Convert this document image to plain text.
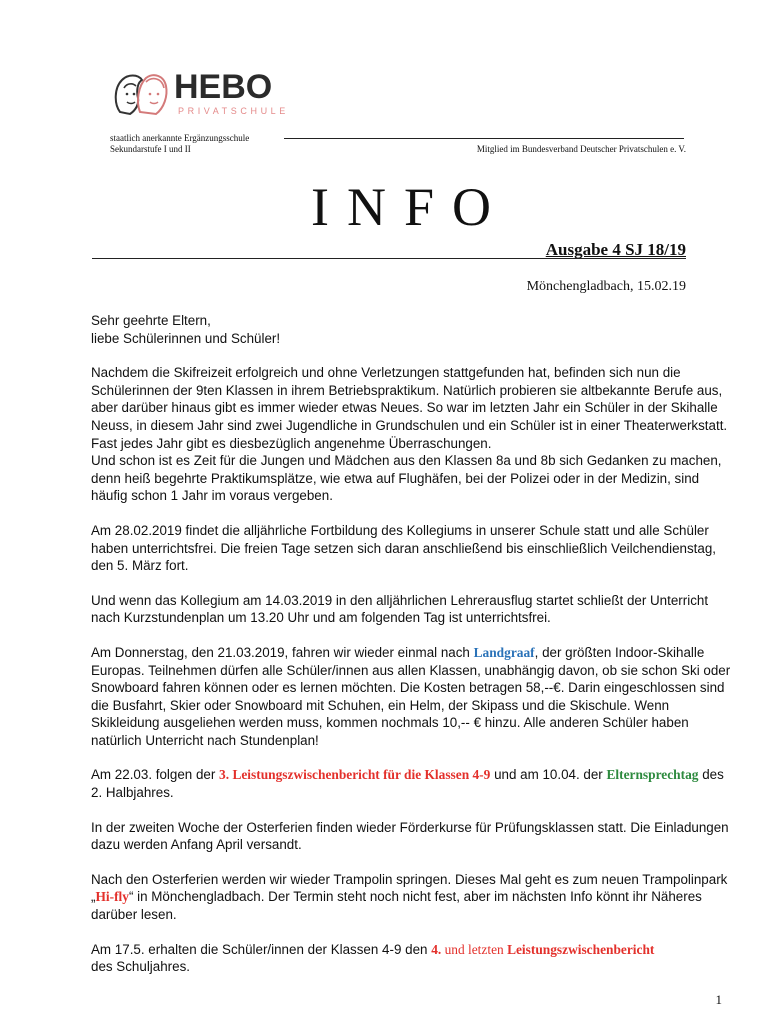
HEBO
PRIVATSCHULE
staatlich anerkannte Ergänzungsschule
Sekundarstufe I und II	Mitglied im Bundesverband Deutscher Privatschulen e. V.
INFO
Ausgabe 4 SJ 18/19
Mönchengladbach, 15.02.19

Sehr geehrte Eltern,
liebe Schülerinnen und Schüler!

Nachdem die Skifreizeit erfolgreich und ohne Verletzungen stattgefunden hat, befinden sich nun die Schülerinnen der 9ten Klassen in ihrem Betriebspraktikum. Natürlich probieren sie altbekannte Berufe aus, aber darüber hinaus gibt es immer wieder etwas Neues. So war im letzten Jahr ein Schüler in der Skihalle Neuss, in diesem Jahr sind zwei Jugendliche in Grundschulen und ein Schüler ist in einer Theaterwerkstatt. Fast jedes Jahr gibt es diesbezüglich angenehme Überraschungen.
Und schon ist es Zeit für die Jungen und Mädchen aus den Klassen 8a und 8b sich Gedanken zu machen, denn heiß begehrte Praktikumsplätze, wie etwa auf Flughäfen, bei der Polizei oder in der Medizin, sind häufig schon 1 Jahr im voraus vergeben.

Am 28.02.2019 findet die alljährliche Fortbildung des Kollegiums in unserer Schule statt und alle Schüler haben unterrichtsfrei. Die freien Tage setzen sich daran anschließend bis einschließlich Veilchendienstag, den 5. März fort.

Und wenn das Kollegium am 14.03.2019 in den alljährlichen Lehrerausflug startet schließt der Unterricht nach Kurzstundenplan um 13.20 Uhr und am folgenden Tag ist unterrichtsfrei.

Am Donnerstag, den 21.03.2019, fahren wir wieder einmal nach Landgraaf, der größten Indoor-Skihalle Europas. Teilnehmen dürfen alle Schüler/innen aus allen Klassen, unabhängig davon, ob sie schon Ski oder Snowboard fahren können oder es lernen möchten. Die Kosten betragen 58,--€. Darin eingeschlossen sind die Busfahrt, Skier oder Snowboard mit Schuhen, ein Helm, der Skipass und die Skischule. Wenn Skikleidung ausgeliehen werden muss, kommen nochmals 10,-- € hinzu. Alle anderen Schüler haben natürlich Unterricht nach Stundenplan!

Am 22.03. folgen der 3. Leistungszwischenbericht für die Klassen 4-9 und am 10.04. der Elternsprechtag des 2. Halbjahres.

In der zweiten Woche der Osterferien finden wieder Förderkurse für Prüfungsklassen statt. Die Einladungen dazu werden Anfang April versandt.

Nach den Osterferien werden wir wieder Trampolin springen. Dieses Mal geht es zum neuen Trampolinpark „Hi-fly“ in Mönchengladbach. Der Termin steht noch nicht fest, aber im nächsten Info könnt ihr Näheres darüber lesen.

Am 17.5. erhalten die Schüler/innen der Klassen 4-9 den 4. und letzten Leistungszwischenbericht
des Schuljahres.

1
